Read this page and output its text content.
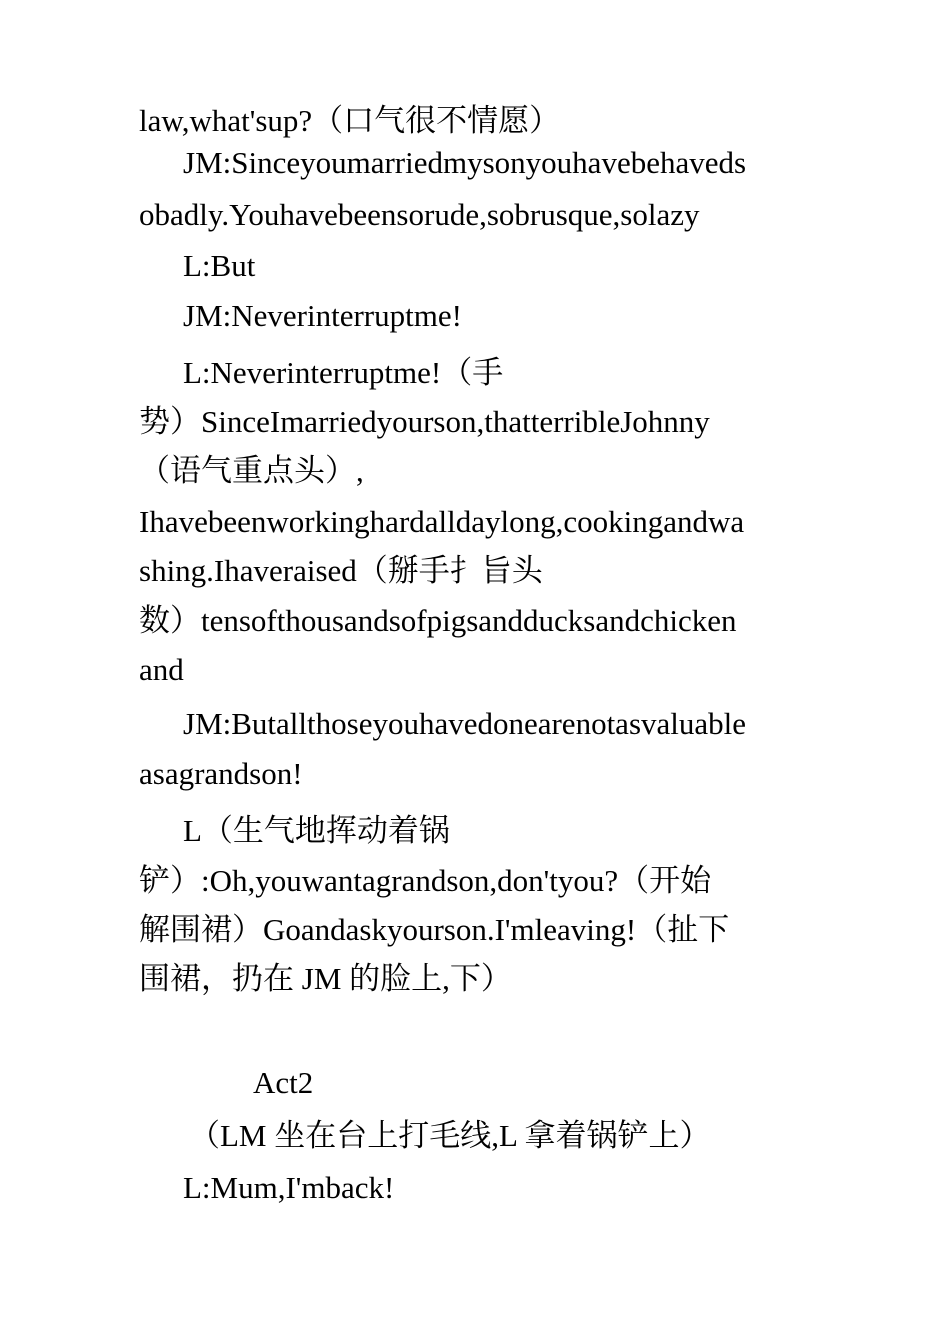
law,what'sup?（口气很不情愿）

JM:Sinceyoumarriedmysonyouhavebehaveds

obadly.Youhavebeensorude,sobrusque,solazy

L:But

JM:Neverinterruptme!

L:Neverinterruptme!（手

势）SinceImarriedyourson,thatterribleJohnny

（语气重点头）,

Ihavebeenworkinghardalldaylong,cookingandwa

shing.Ihaveraised（掰手扌旨头

数）tensofthousandsofpigsandducksandchicken

and

JM:Butallthoseyouhavedonearenotasvaluable

asagrandson!

L（生气地挥动着锅

铲）:Oh,youwantagrandson,don'tyou?（开始

解围裙）Goandaskyourson.I'mleaving!（扯下

围裙，扔在 JM 的脸上,下）

Act2

（LM 坐在台上打毛线,L 拿着锅铲上）

L:Mum,I'mback!
